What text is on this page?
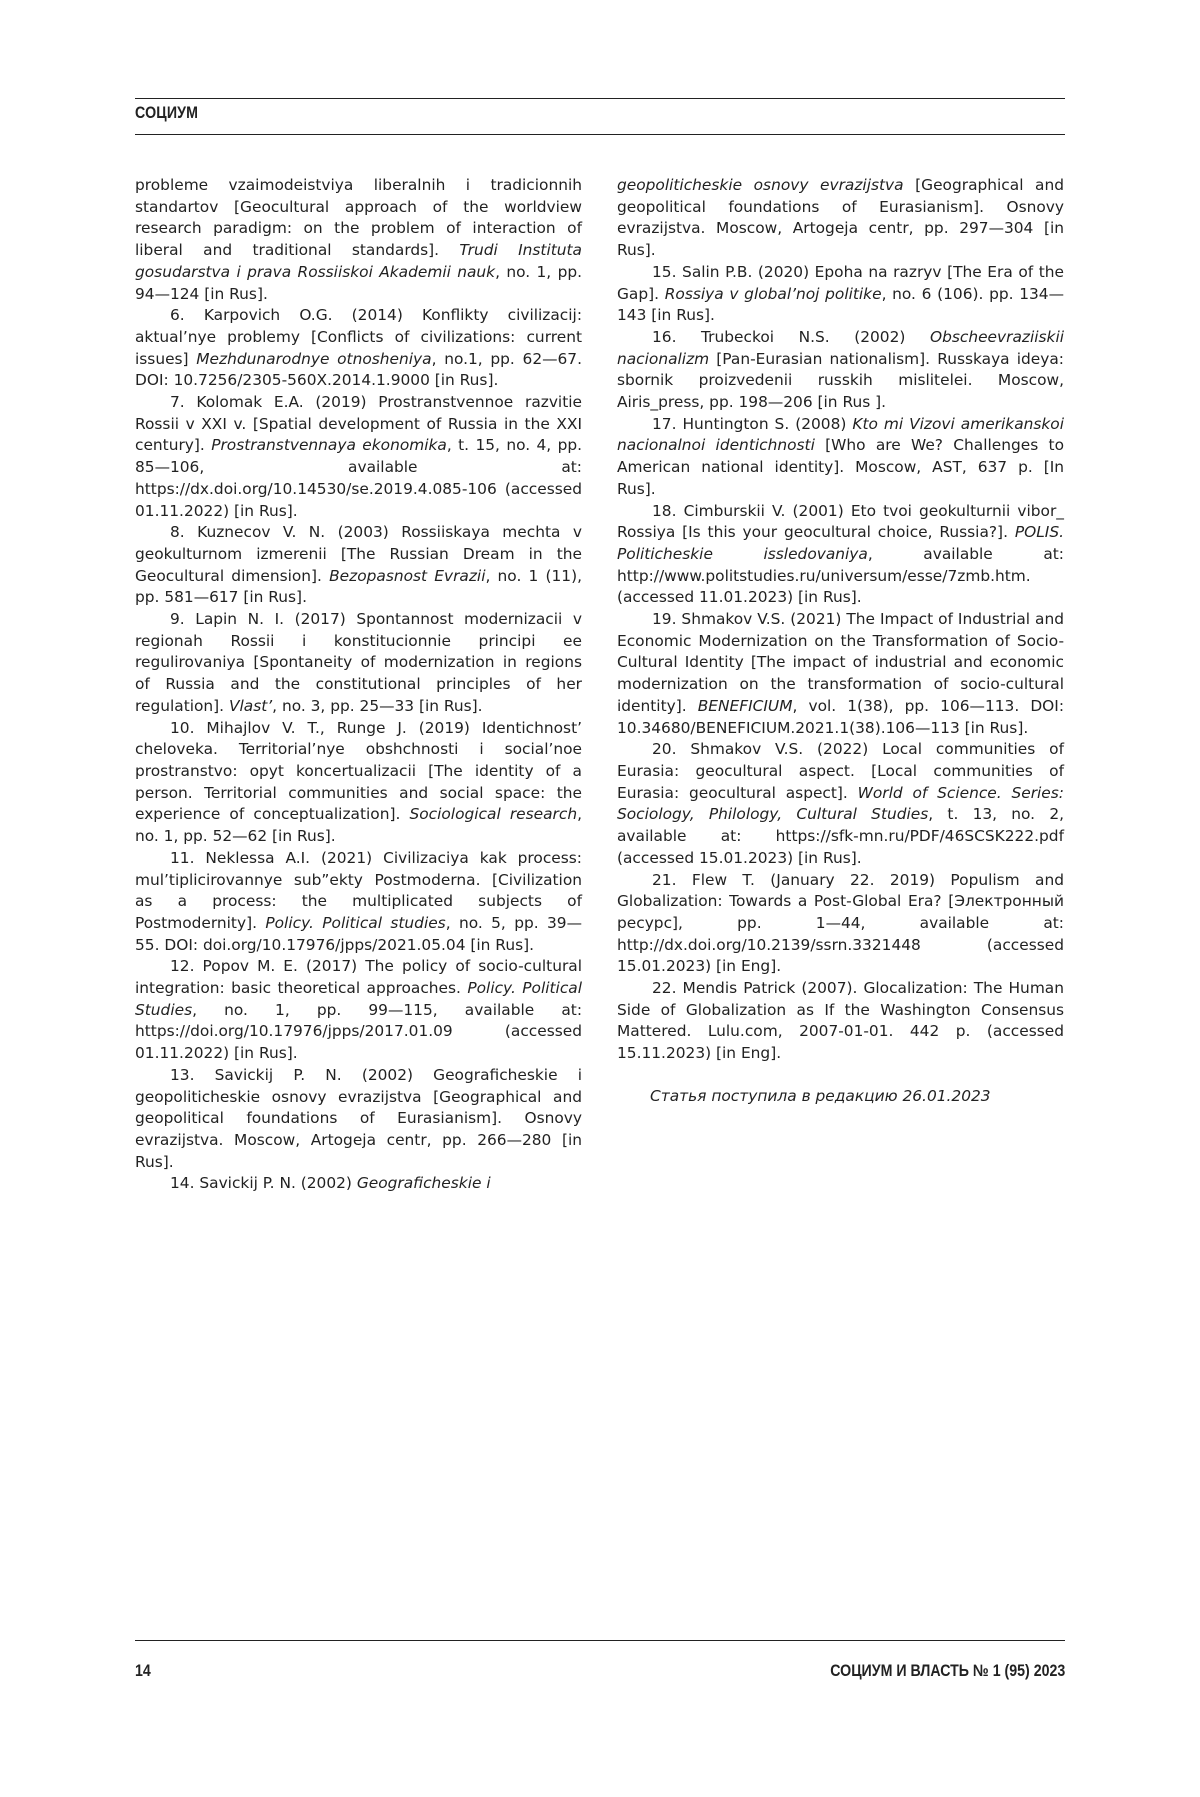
СОЦИУМ

probleme vzaimodeistviya liberalnih i tradicionnih standartov [Geocultural approach of the worldview research paradigm: on the problem of interaction of liberal and traditional standards]. Trudi Instituta gosudarstva i prava Rossiiskoi Akademii nauk, no. 1, pp. 94—124 [in Rus].

6. Karpovich O.G. (2014) Konflikty civilizacij: aktual’nye problemy [Conflicts of civilizations: current issues] Mezhdunarodnye otnosheniya, no.1, pp. 62—67. DOI: 10.7256/2305-560X.2014.1.9000 [in Rus].

7. Kolomak E.A. (2019) Prostranstvennoe razvitie Rossii v XXI v. [Spatial development of Russia in the XXI century]. Prostranstvennaya ekonomika, t. 15, no. 4, pp. 85—106, available at: https://dx.doi.org/10.14530/se.2019.4.085-106 (accessed 01.11.2022) [in Rus].

8. Kuznecov V. N. (2003) Rossiiskaya mechta v geokulturnom izmerenii [The Russian Dream in the Geocultural dimension]. Bezopasnost Evrazii, no. 1 (11), pp. 581—617 [in Rus].

9. Lapin N. I. (2017) Spontannost modernizacii v regionah Rossii i konstitucionnie principi ee regulirovaniya [Spontaneity of modernization in regions of Russia and the constitutional principles of her regulation]. Vlast’, no. 3, pp. 25—33 [in Rus].

10. Mihajlov V. T., Runge J. (2019) Identichnost’ cheloveka. Territorial’nye obshchnosti i social’noe prostranstvo: opyt koncertualizacii [The identity of a person. Territorial communities and social space: the experience of conceptualization]. Sociological research, no. 1, pp. 52—62 [in Rus].

11. Neklessa A.I. (2021) Civilizaciya kak process: mul’tiplicirovannye sub”ekty Postmoderna. [Civilization as a process: the multiplicated subjects of Postmodernity]. Policy. Political studies, no. 5, pp. 39—55. DOI: doi.org/10.17976/jpps/2021.05.04 [in Rus].

12. Popov M. E. (2017) The policy of socio-cultural integration: basic theoretical approaches. Policy. Political Studies, no. 1, pp. 99—115, available at: https://doi.org/10.17976/jpps/2017.01.09 (accessed 01.11.2022) [in Rus].

13. Savickij P. N. (2002) Geograficheskie i geopoliticheskie osnovy evrazijstva [Geographical and geopolitical foundations of Eurasianism]. Osnovy evrazijstva. Moscow, Artogeja centr, pp. 266—280 [in Rus].

14. Savickij P. N. (2002) Geograficheskie i

geopoliticheskie osnovy evrazijstva [Geographical and geopolitical foundations of Eurasianism]. Osnovy evrazijstva. Moscow, Artogeja centr, pp. 297—304 [in Rus].

15. Salin P.B. (2020) Epoha na razryv [The Era of the Gap]. Rossiya v global’noj politike, no. 6 (106). pp. 134—143 [in Rus].

16. Trubeckoi N.S. (2002) Obscheevraziiskii nacionalizm [Pan-Eurasian nationalism]. Russkaya ideya: sbornik proizvedenii russkih mislitelei. Moscow, Airis_press, pp. 198—206 [in Rus ].

17. Huntington S. (2008) Kto mi Vizovi amerikanskoi nacionalnoi identichnosti [Who are We? Challenges to American national identity]. Moscow, AST, 637 p. [In Rus].

18. Cimburskii V. (2001) Eto tvoi geokulturnii vibor_ Rossiya [Is this your geocultural choice, Russia?]. POLIS. Politicheskie issledovaniya, available at: http://www.politstudies.ru/universum/esse/7zmb.htm. (accessed 11.01.2023) [in Rus].

19. Shmakov V.S. (2021) The Impact of Industrial and Economic Modernization on the Transformation of Socio-Cultural Identity [The impact of industrial and economic modernization on the transformation of socio-cultural identity]. BENEFICIUM, vol. 1(38), pp. 106—113. DOI: 10.34680/BENEFICIUM.2021.1(38).106—113 [in Rus].

20. Shmakov V.S. (2022) Local communities of Eurasia: geocultural aspect. [Local communities of Eurasia: geocultural aspect]. World of Science. Series: Sociology, Philology, Cultural Studies, t. 13, no. 2, available at: https://sfk-mn.ru/PDF/46SCSK222.pdf (accessed 15.01.2023) [in Rus].

21. Flew T. (January 22. 2019) Populism and Globalization: Towards a Post-Global Era? [Электронный ресурс], pp. 1—44, available at: http://dx.doi.org/10.2139/ssrn.3321448 (accessed 15.01.2023) [in Eng].

22. Mendis Patrick (2007). Glocalization: The Human Side of Globalization as If the Washington Consensus Mattered. Lulu.com, 2007-01-01. 442 p. (accessed 15.11.2023) [in Eng].

Статья поступила в редакцию 26.01.2023

14	СОЦИУМ И ВЛАСТЬ № 1 (95) 2023
